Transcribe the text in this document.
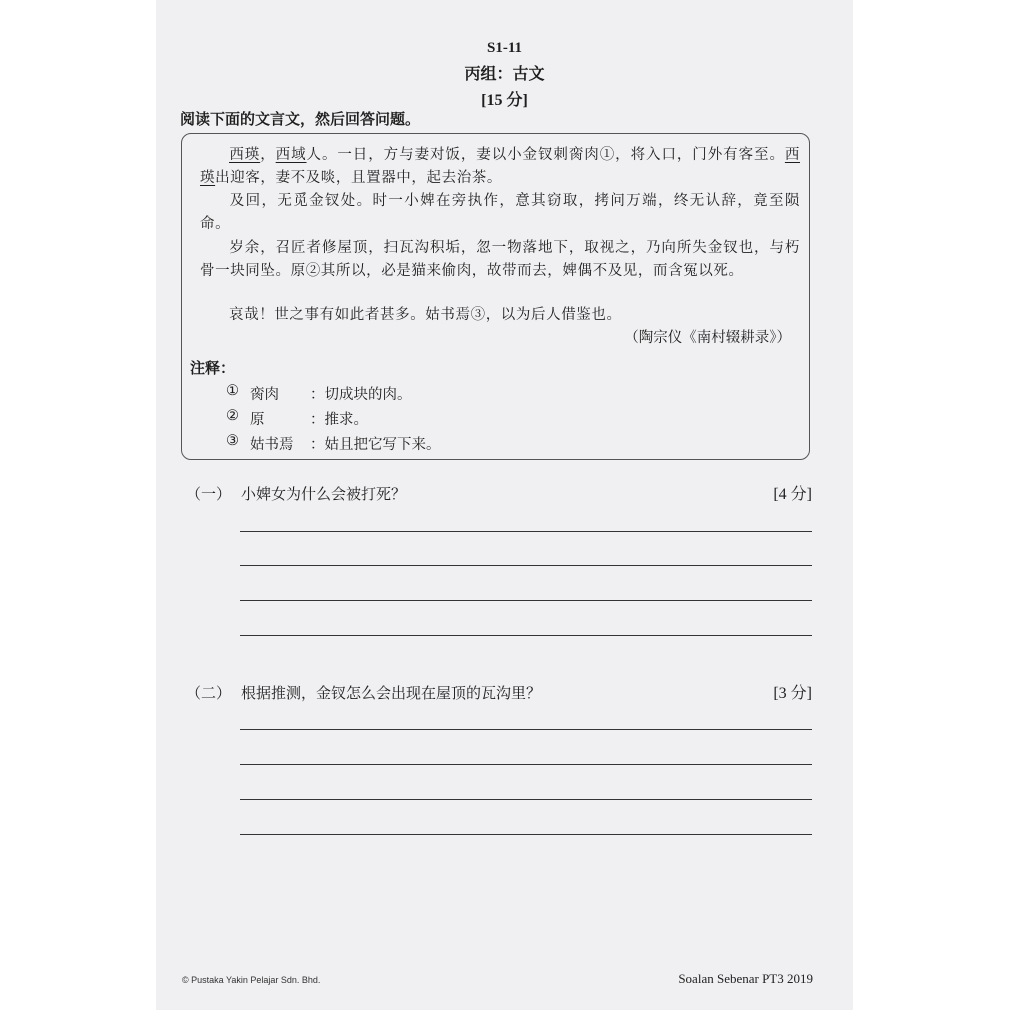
S1-11
丙组：古文
[15 分]
阅读下面的文言文，然后回答问题。

西瑛，西域人。一日，方与妻对饭，妻以小金钗刺脔肉①，将入口，门外有客至。西瑛出迎客，妻不及啖，且置器中，起去治茶。

及回，无觅金钗处。时一小婢在旁执作，意其窃取，拷问万端，终无认辞，竟至陨命。

岁余，召匠者修屋顶，扫瓦沟积垢，忽一物落地下，取视之，乃向所失金钗也，与朽骨一块同坠。原②其所以，必是猫来偷肉，故带而去，婢偶不及见，而含冤以死。

哀哉！世之事有如此者甚多。姑书焉③，以为后人借鉴也。

（陶宗仪《南村辍耕录》）
注释：
① 脔肉	：切成块的肉。
② 原	：推求。
③ 姑书焉	：姑且把它写下来。
（一） 小婢女为什么会被打死？	[4 分]
（二） 根据推测，金钗怎么会出现在屋顶的瓦沟里？	[3 分]
© Pustaka Yakin Pelajar Sdn. Bhd.	Soalan Sebenar PT3 2019
